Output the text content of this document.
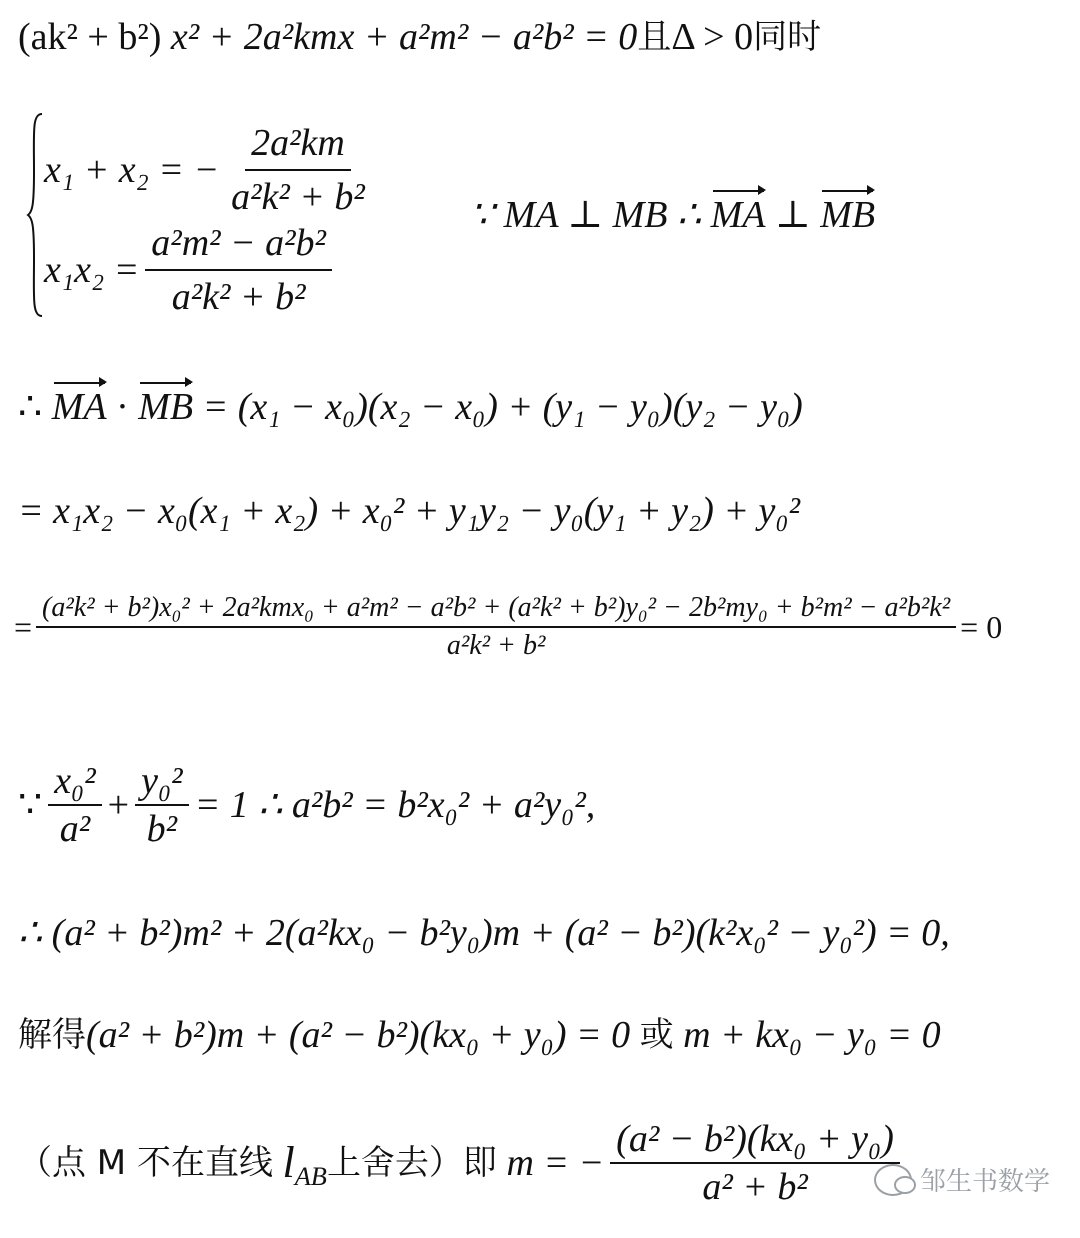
(ak² + b²)
x² + 2a²kmx + a²m² − a²b² = 0 且 Δ > 0 同时
x₁ + x₂ = − $\frac{\text{2a²km}}{\text{a²k² + b²}}$
$x_1x_2 = \frac{\text{a²m² − a²b²}}{\text{a²k² + b²}}$
∵ MA ⊥ MB ∴
MA
⊥
MB
∴
MA
·
MB
= (x₁ − x₀)(x₂ − x₀) + (y₁ − y₀)(y₂ − y₀)
= x₁x₂ − x₀(x₁ + x₂) + x₀² + y₁y₂ − y₀(y₁ + y₂) + y₀²
=
(a²k² + b²)x₀² + 2a²kmx₀ + a²m² − a²b² + (a²k² + b²)y₀² − 2b²my₀ + b²m² − a²b²k²
a²k² + b²
= 0
∵ $\frac{\text{x₀²}}{\text{a²}} + \frac{\text{y₀²}}{\text{b²}} = 1$ ∴ a²b² = b²x₀² + a²y₀²,
∴ (a² + b²)m² + 2(a²kx₀ − b²y₀)m + (a² − b²)(k²x₀² − y₀²) = 0,
解得 (a² + b²)m + (a² − b²)(kx₀ + y₀) = 0
或
m + kx₀ − y₀ = 0
（点 M 不在直线
$l_{AB}$ 上舍去）即
m = − $\frac{\text{(a² − b²)(kx₀ + y₀)}}{\text{a² + b²}}$ 邹生书数学
